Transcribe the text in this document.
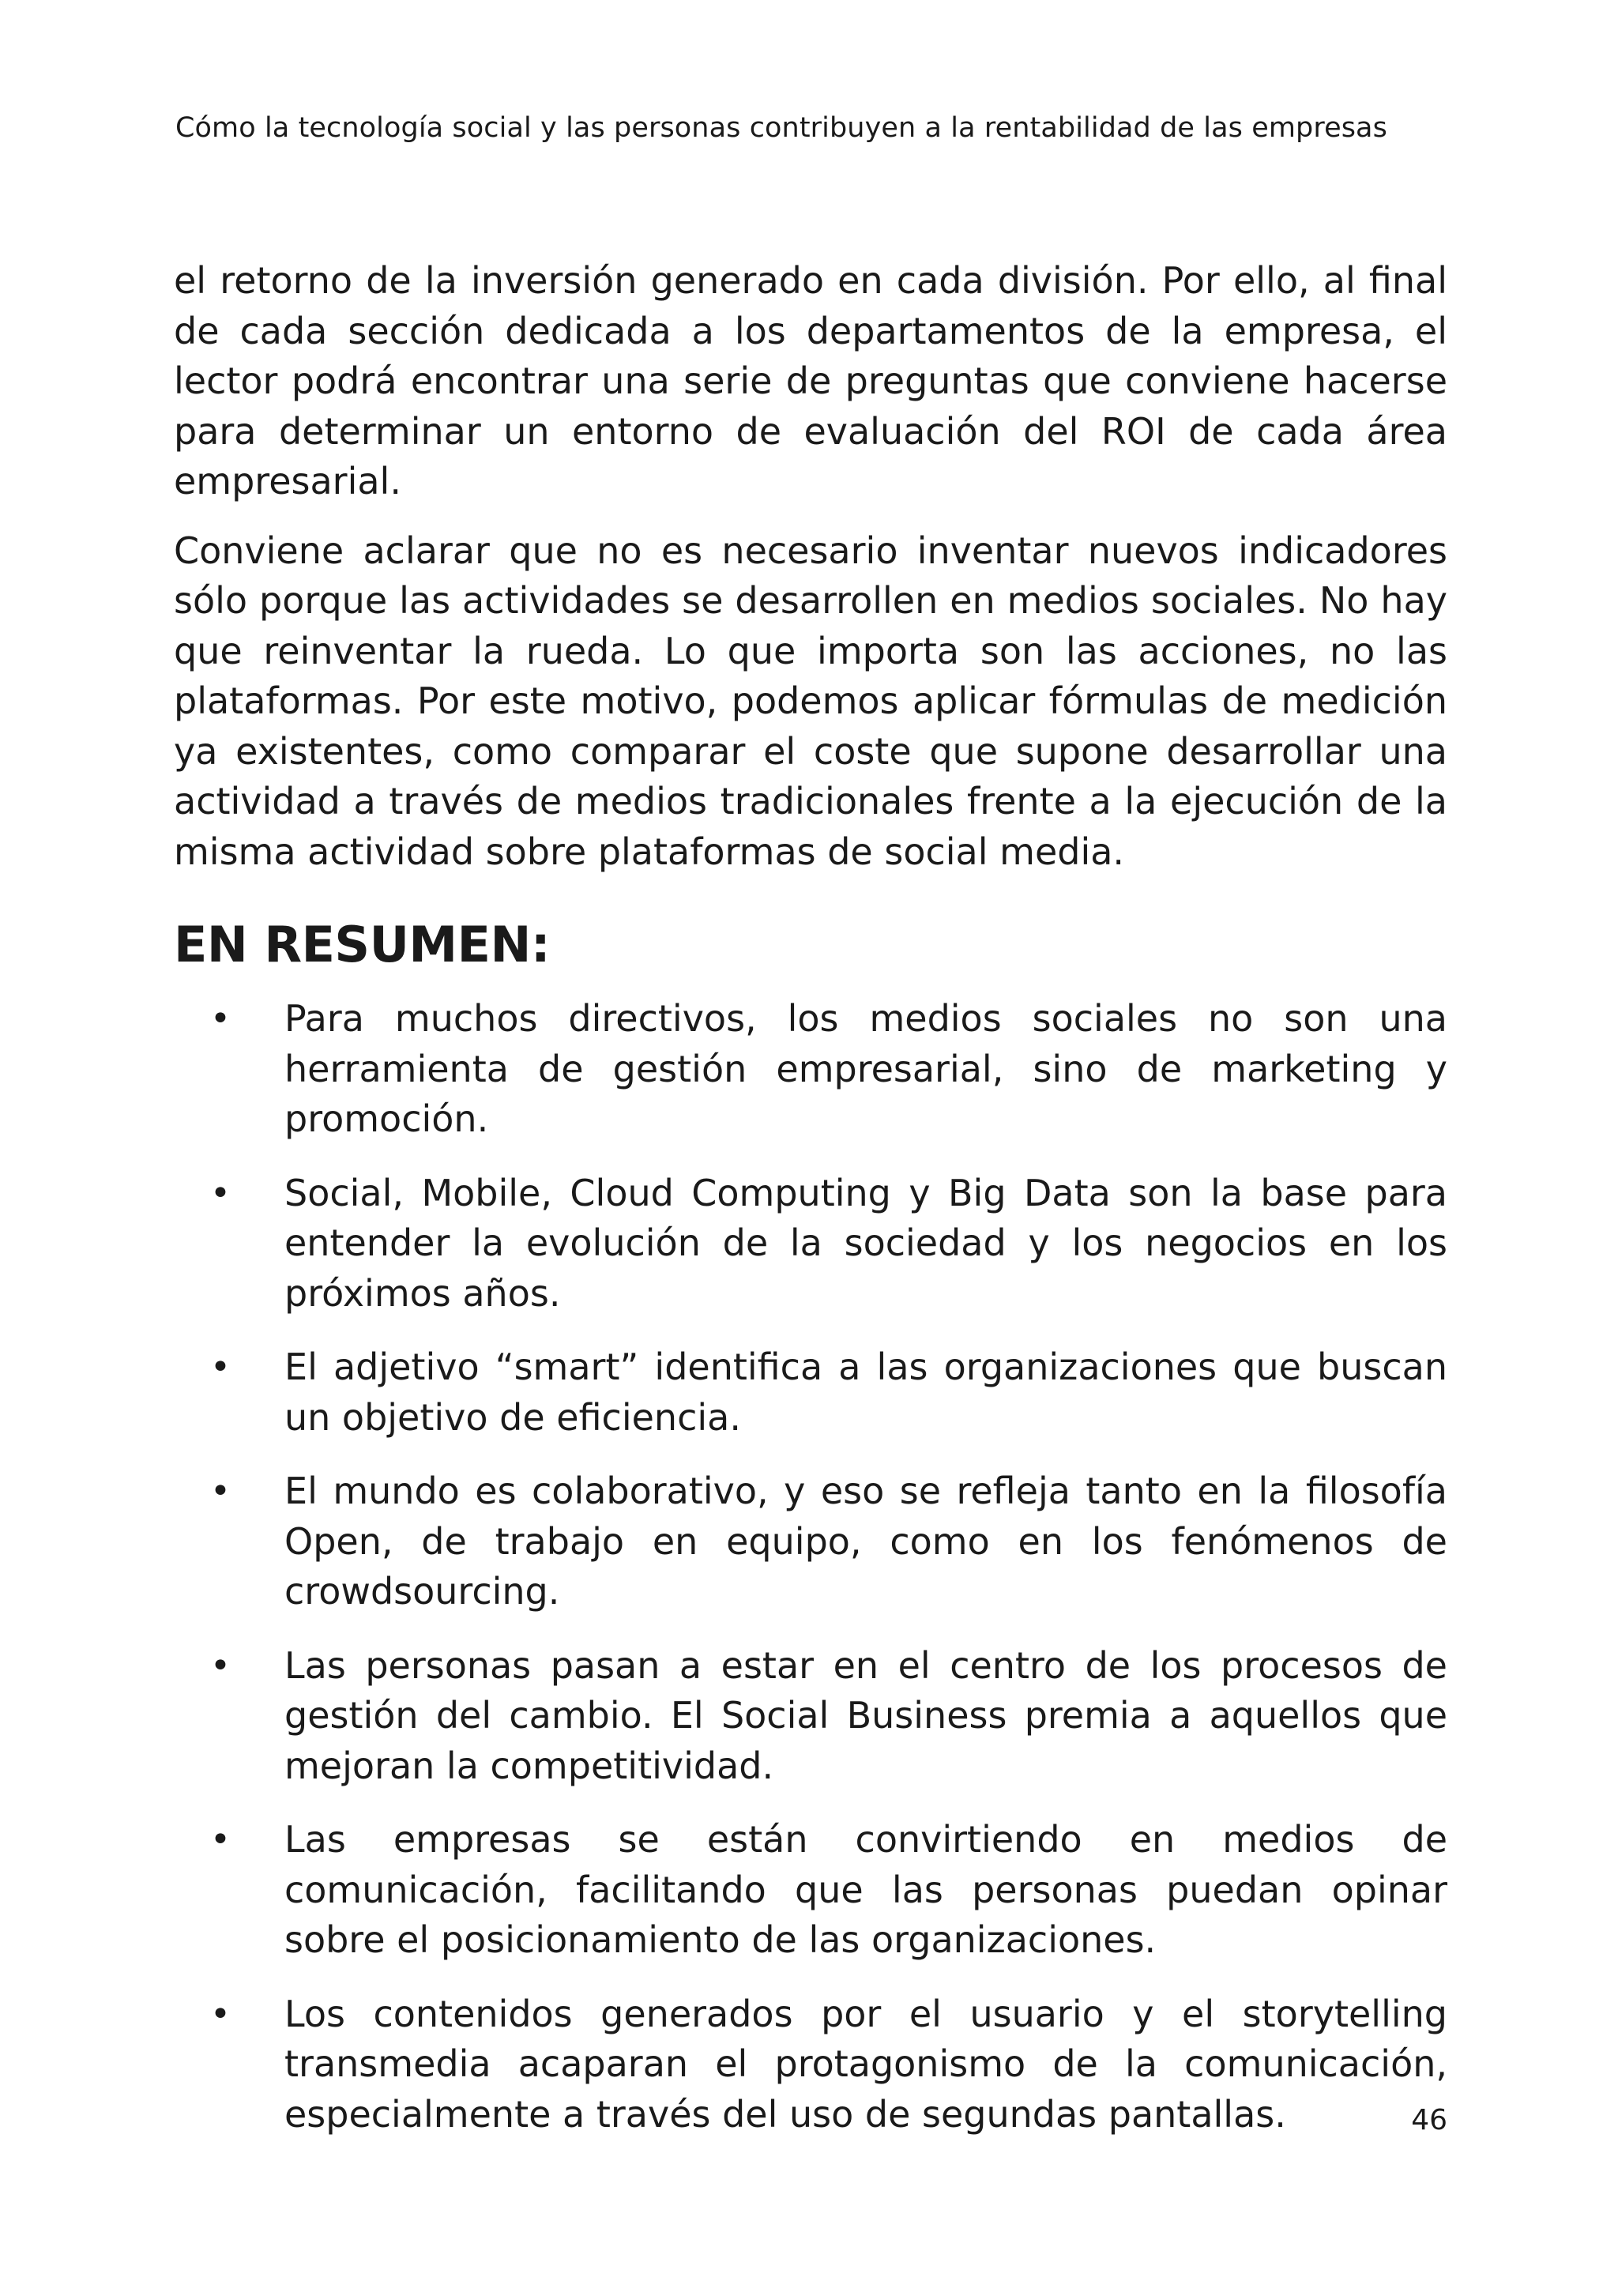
Cómo la tecnología social y las personas contribuyen a la rentabilidad de las empresas

el retorno de la inversión generado en cada división. Por ello, al final de cada sección dedicada a los departamentos de la empresa, el lector podrá encontrar una serie de preguntas que conviene hacerse para determinar un entorno de evaluación del ROI de cada área empresarial.

Conviene aclarar que no es necesario inventar nuevos indicadores sólo porque las actividades se desarrollen en medios sociales. No hay que reinventar la rueda. Lo que importa son las acciones, no las plataformas. Por este motivo, podemos aplicar fórmulas de medición ya existentes, como comparar el coste que supone desarrollar una actividad a través de medios tradicionales frente a la ejecución de la misma actividad sobre plataformas de social media.

EN RESUMEN:
• Para muchos directivos, los medios sociales no son una herramienta de gestión empresarial, sino de marketing y promoción.
• Social, Mobile, Cloud Computing y Big Data son la base para entender la evolución de la sociedad y los negocios en los próximos años.
• El adjetivo “smart” identifica a las organizaciones que buscan un objetivo de eficiencia.
• El mundo es colaborativo, y eso se refleja tanto en la filosofía Open, de trabajo en equipo, como en los fenómenos de crowdsourcing.
• Las personas pasan a estar en el centro de los procesos de gestión del cambio. El Social Business premia a aquellos que mejoran la competitividad.
• Las empresas se están convirtiendo en medios de comunicación, facilitando que las personas puedan opinar sobre el posicionamiento de las organizaciones.
• Los contenidos generados por el usuario y el storytelling transmedia acaparan el protagonismo de la comunicación, especialmente a través del uso de segundas pantallas.	46
